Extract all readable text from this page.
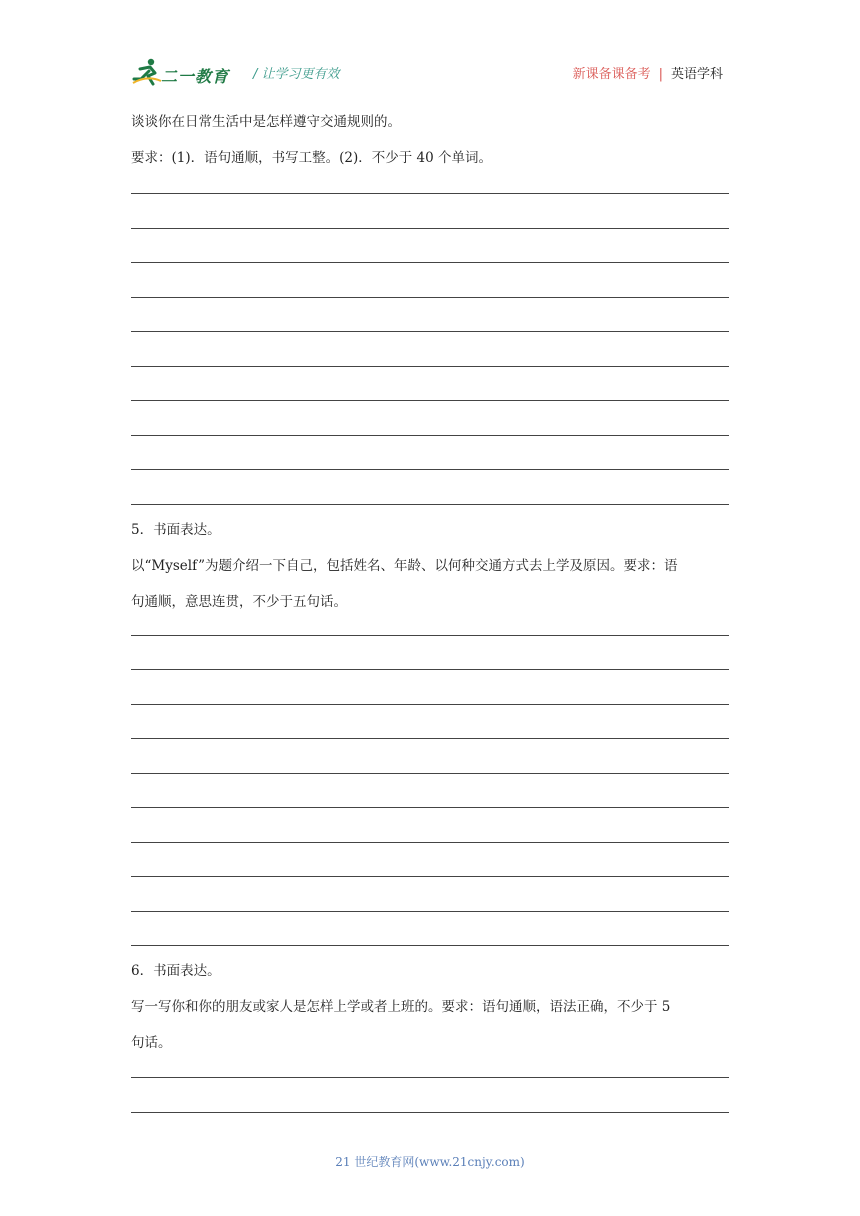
二一教育 / 让学习更有效	新课备课备考 | 英语学科

谈谈你在日常生活中是怎样遵守交通规则的。

要求：(1)．语句通顺，书写工整。(2)．不少于 40 个单词。

5．书面表达。

以“Myself”为题介绍一下自己，包括姓名、年龄、以何种交通方式去上学及原因。要求：语

句通顺，意思连贯，不少于五句话。

6．书面表达。

写一写你和你的朋友或家人是怎样上学或者上班的。要求：语句通顺，语法正确，不少于 5

句话。

21 世纪教育网(www.21cnjy.com)
